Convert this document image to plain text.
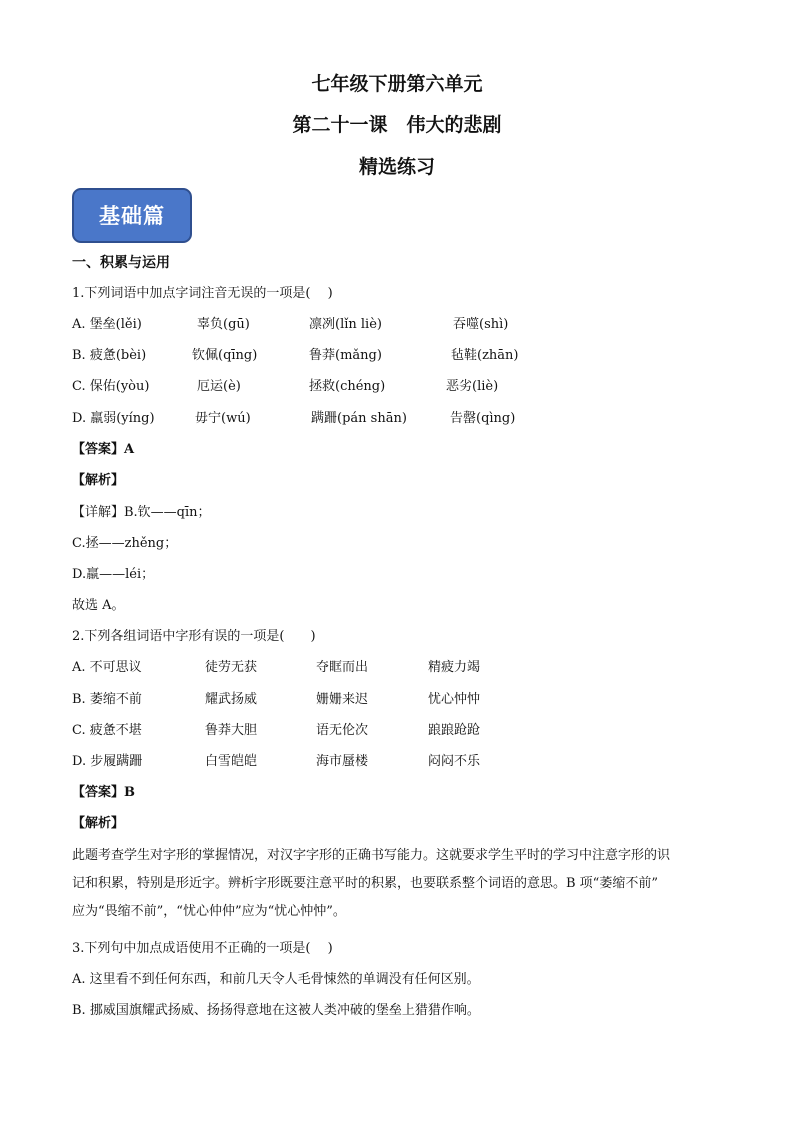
七年级下册第六单元
第二十一课　伟大的悲剧
精选练习
基础篇
一、积累与运用
1.下列词语中加点字词注音无误的一项是(　 )
A. 堡垒(lěi)	辜负(gū)	凛冽(lǐn liè)	吞噬(shì)
B. 疲惫(bèi)	钦佩(qīng)	鲁莽(mǎng)	毡鞋(zhān)
C. 保佑(yòu)	厄运(è)	拯救(chéng)	恶劣(liè)
D. 羸弱(yíng)	毋宁(wú)	蹒跚(pán shān)	告罄(qìng)
【答案】A
【解析】
【详解】B.钦——qīn；
C.拯——zhěng；
D.羸——léi；
故选 A。
2.下列各组词语中字形有误的一项是(　　)
A. 不可思议	徒劳无获	夺眶而出	精疲力竭
B. 萎缩不前	耀武扬威	姗姗来迟	忧心忡忡
C. 疲惫不堪	鲁莽大胆	语无伦次	踉踉跄跄
D. 步履蹒跚	白雪皑皑	海市蜃楼	闷闷不乐
【答案】B
【解析】
此题考查学生对字形的掌握情况，对汉字字形的正确书写能力。这就要求学生平时的学习中注意字形的识
记和积累，特别是形近字。辨析字形既要注意平时的积累，也要联系整个词语的意思。B 项“萎缩不前”
应为“畏缩不前”，“忧心仲仲”应为“忧心忡忡”。
3.下列句中加点成语使用不正确的一项是(　 )
A. 这里看不到任何东西，和前几天令人毛骨悚然的单调没有任何区别。
B. 挪威国旗耀武扬威、扬扬得意地在这被人类冲破的堡垒上猎猎作响。
